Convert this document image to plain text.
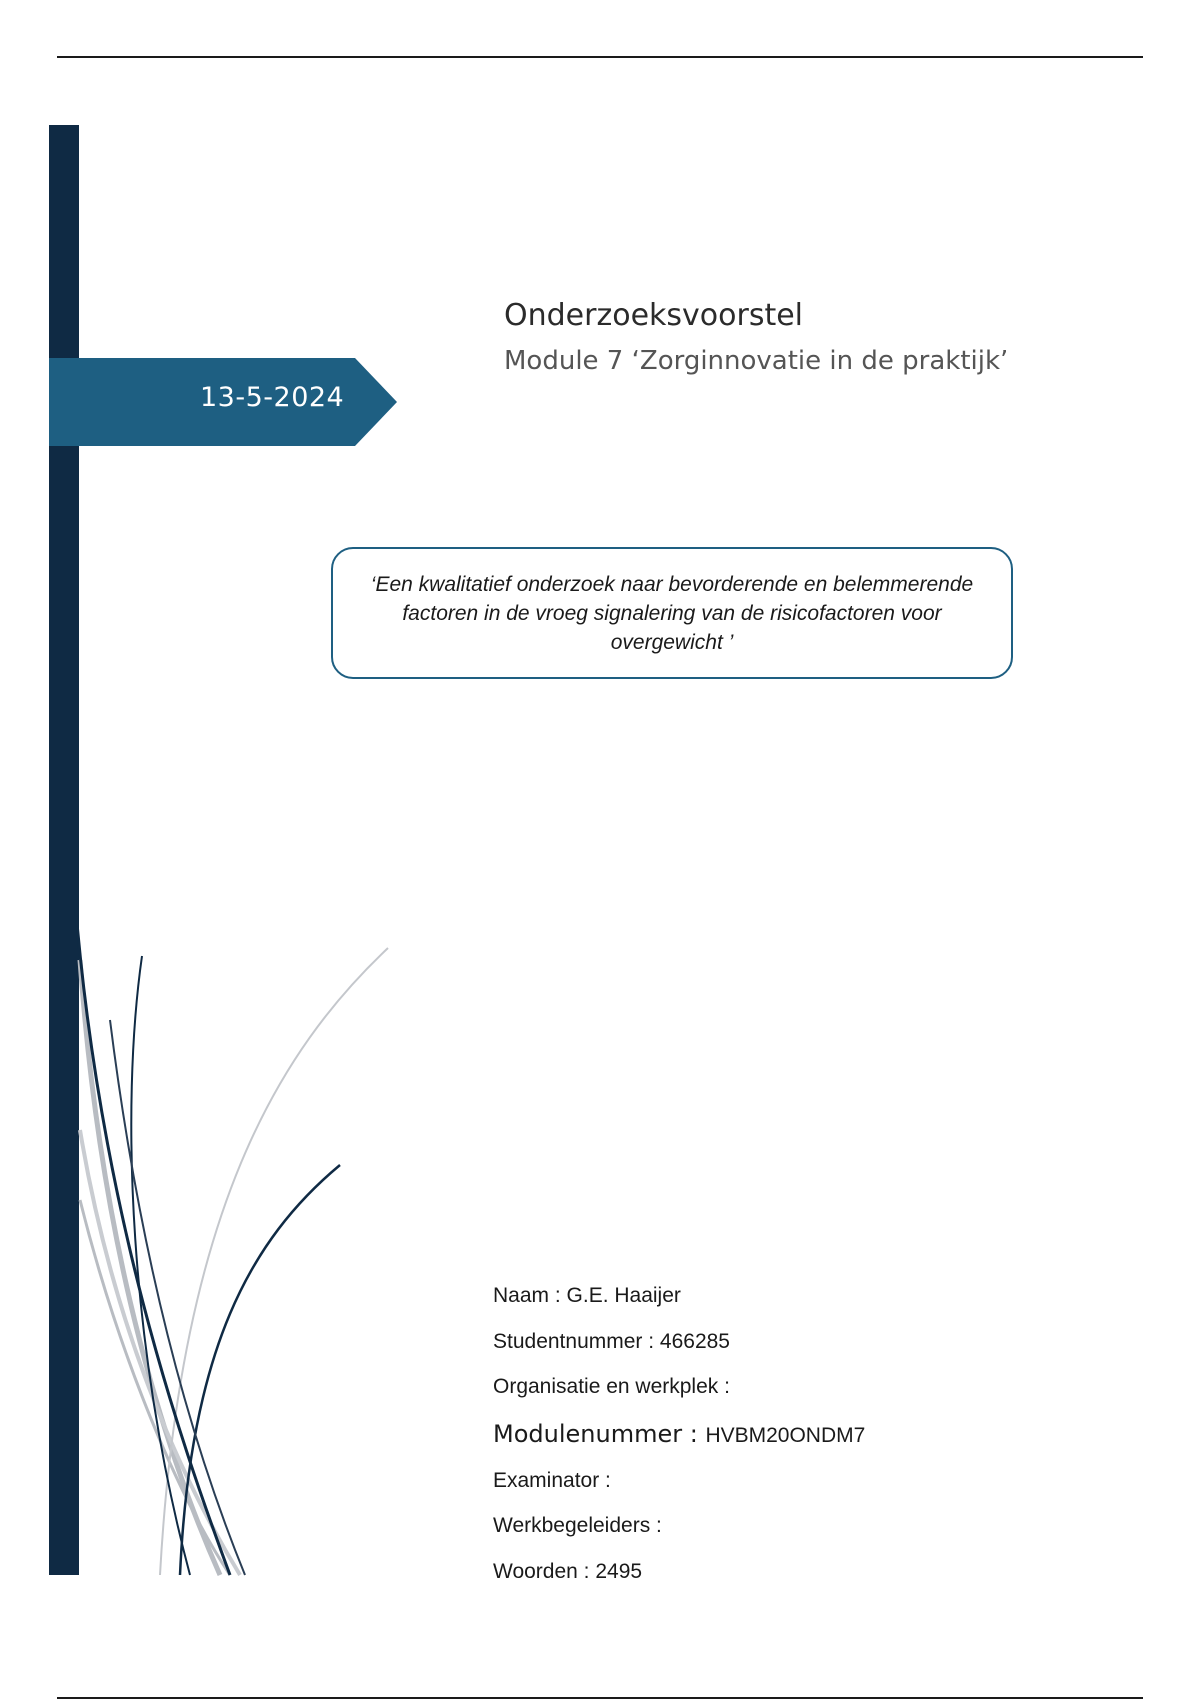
13-5-2024
Onderzoeksvoorstel
Module 7 ‘Zorginnovatie in de praktijk’
‘Een kwalitatief onderzoek naar bevorderende en belemmerende factoren in de vroeg signalering van de risicofactoren voor overgewicht ’
Naam : G.E. Haaijer
Studentnummer : 466285
Organisatie en werkplek :
Modulenummer : HVBM20ONDM7
Examinator :
Werkbegeleiders :
Woorden : 2495
